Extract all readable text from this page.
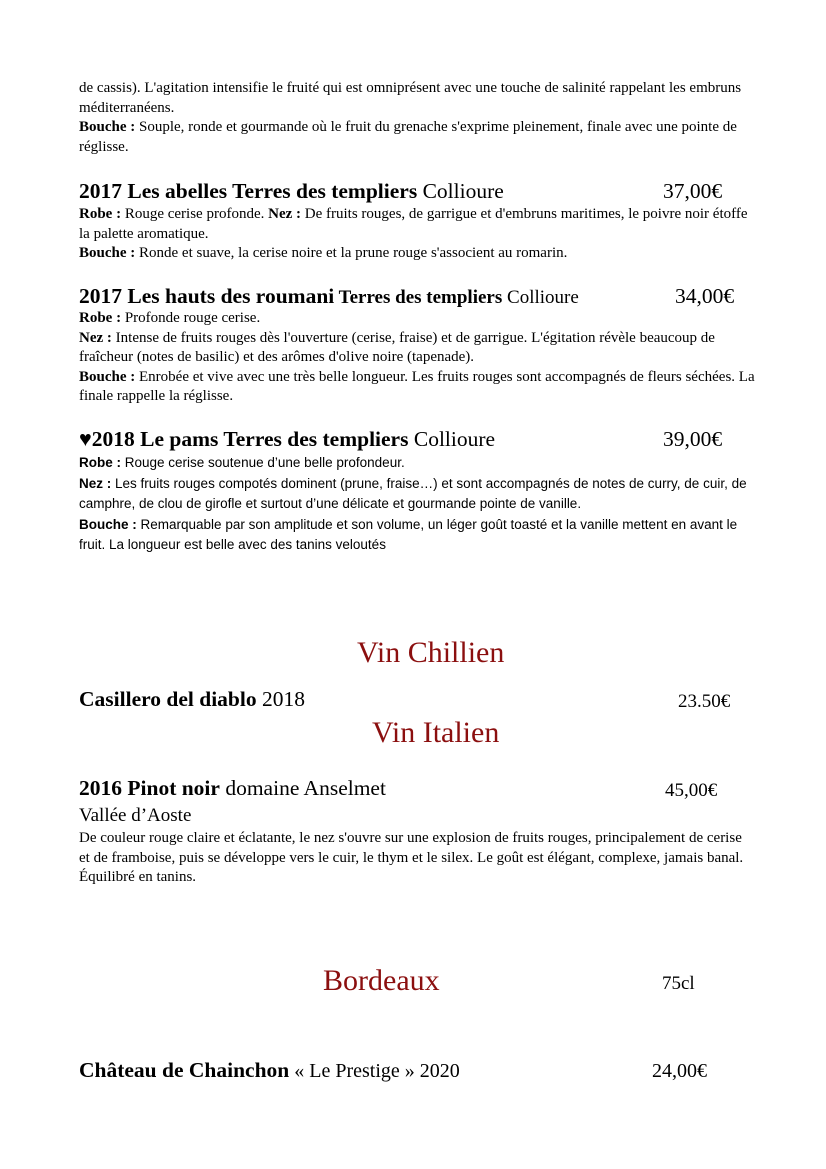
de cassis). L'agitation intensifie le fruité qui est omniprésent avec une touche de salinité rappelant les embruns méditerranéens.

Bouche : Souple, ronde et gourmande où le fruit du grenache s'exprime pleinement, finale avec une pointe de réglisse.

2017 Les abelles Terres des templiers Collioure	37,00€

Robe : Rouge cerise profonde. Nez : De fruits rouges, de garrigue et d'embruns maritimes, le poivre noir étoffe la palette aromatique.

Bouche : Ronde et suave, la cerise noire et la prune rouge s'associent au romarin.

2017 Les hauts des roumani Terres des templiers Collioure	34,00€

Robe : Profonde rouge cerise.

Nez : Intense de fruits rouges dès l'ouverture (cerise, fraise) et de garrigue. L'égitation révèle beaucoup de fraîcheur (notes de basilic) et des arômes d'olive noire (tapenade).

Bouche : Enrobée et vive avec une très belle longueur. Les fruits rouges sont accompagnés de fleurs séchées. La finale rappelle la réglisse.

♥2018 Le pams Terres des templiers Collioure	39,00€

Robe : Rouge cerise soutenue d’une belle profondeur.

Nez : Les fruits rouges compotés dominent (prune, fraise…) et sont accompagnés de notes de curry, de cuir, de camphre, de clou de girofle et surtout d’une délicate et gourmande pointe de vanille.

Bouche : Remarquable par son amplitude et son volume, un léger goût toasté et la vanille mettent en avant le fruit. La longueur est belle avec des tanins veloutés

Vin Chillien
Casillero del diablo 2018	23.50€
Vin Italien
2016 Pinot noir domaine Anselmet	45,00€
Vallée d’Aoste
De couleur rouge claire et éclatante, le nez s'ouvre sur une explosion de fruits rouges, principalement de cerise et de framboise, puis se développe vers le cuir, le thym et le silex. Le goût est élégant, complexe, jamais banal. Équilibré en tanins.
Bordeaux	75cl
Château de Chainchon « Le Prestige » 2020	24,00€
